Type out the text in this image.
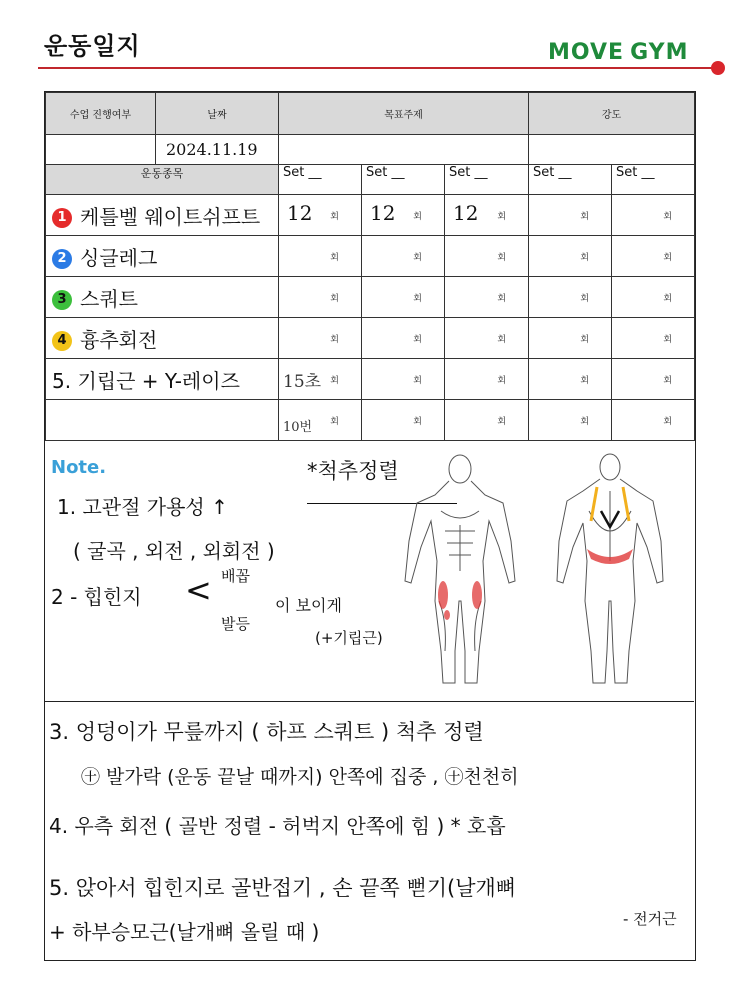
운동일지	MOVE GYM
수업 진행여부	날짜	목표주제			강도	
	2024.11.19					
운동종목		Set __	Set __	Set __	Set __	Set __
1 케틀벨 웨이트쉬프트		12 회	12 회	12 회	회	회

2 싱글레그		회	회	회	회	회

3 스쿼트		회	회	회	회	회

4 흉추회전		회	회	회	회	회

5. 기립근 + Y-레이즈		15초 회	회	회	회	회

		10번 회	회	회	회	회
Note.	*척추정렬
1. 고관절 가용성 ↑
( 굴곡 , 외전 , 외회전 )
2 - 힙힌지 < 배꼽
발등
이 보이게
(+기립근)
3. 엉덩이가 무릎까지 ( 하프 스쿼트 ) 척추 정렬
㊉ 발가락 (운동 끝날 때까지) 안쪽에 집중 , ㊉천천히
4. 우측 회전 ( 골반 정렬 - 허벅지 안쪽에 힘 ) * 호흡
5. 앉아서 힙힌지로 골반접기 , 손 끝쪽 뻗기(날개뼈
+ 하부승모근(날개뼈 올릴 때 )
- 전거근
